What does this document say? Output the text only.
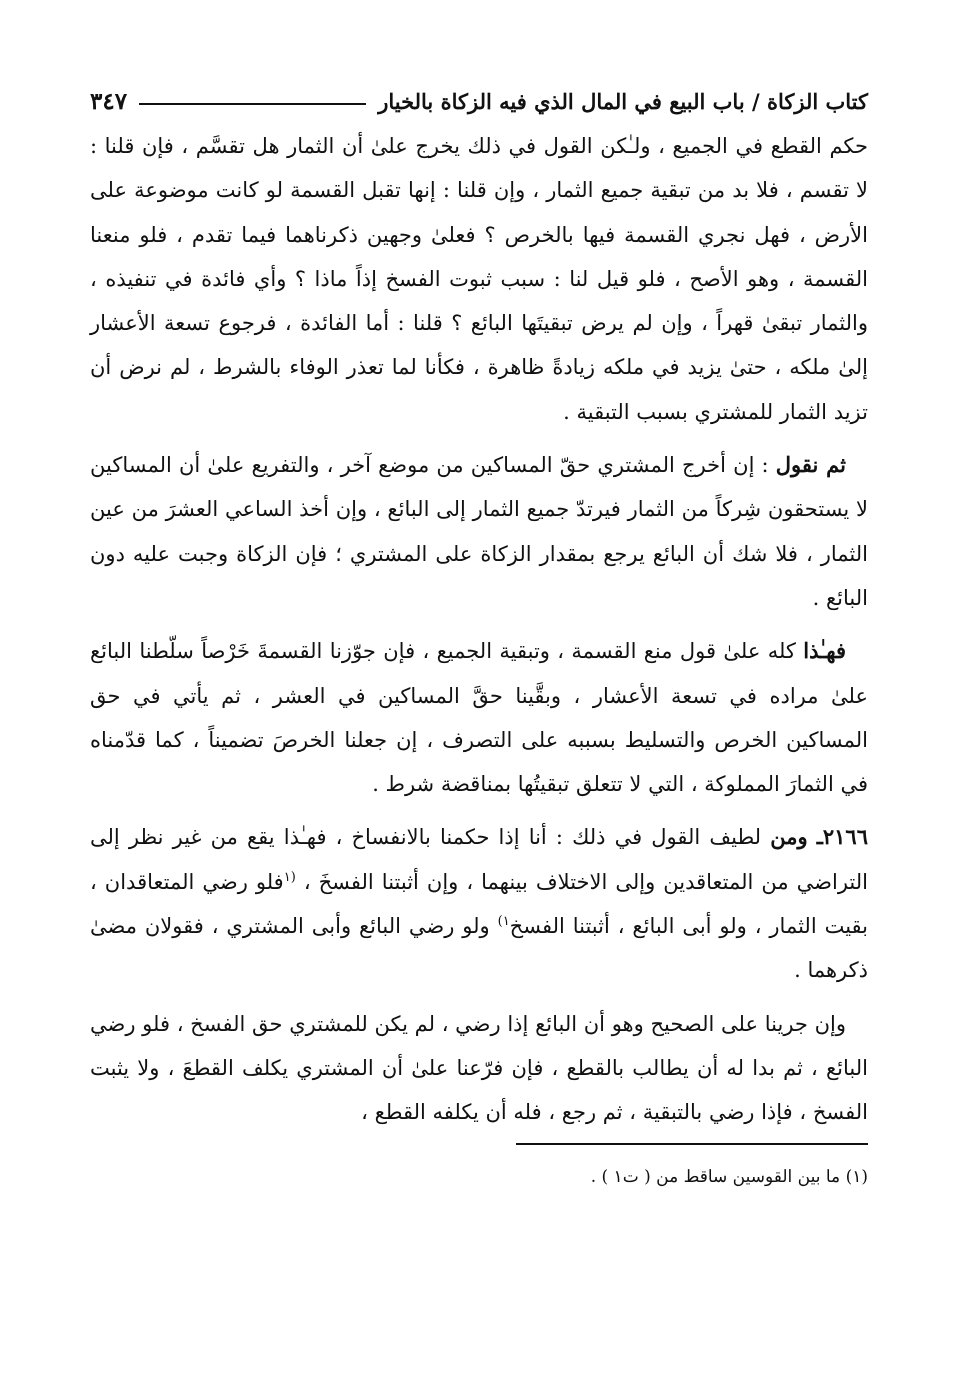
كتاب الزكاة / باب البيع في المال الذي فيه الزكاة بالخيار
٣٤٧

حكم القطع في الجميع ، ولـٰكن القول في ذلك يخرج علىٰ أن الثمار هل تقسَّم ، فإن قلنا : لا تقسم ، فلا بد من تبقية جميع الثمار ، وإن قلنا : إنها تقبل القسمة لو كانت موضوعة على الأرض ، فهل نجري القسمة فيها بالخرص ؟ فعلىٰ وجهين ذكرناهما فيما تقدم ، فلو منعنا القسمة ، وهو الأصح ، فلو قيل لنا : سبب ثبوت الفسخ إذاً ماذا ؟ وأي فائدة في تنفيذه ، والثمار تبقىٰ قهراً ، وإن لم يرض تبقيتَها البائع ؟ قلنا : أما الفائدة ، فرجوع تسعة الأعشار إلىٰ ملكه ، حتىٰ يزيد في ملكه زيادةً ظاهرة ، فكأنا لما تعذر الوفاء بالشرط ، لم نرض أن تزيد الثمار للمشتري بسبب التبقية .

ثم نقول : إن أخرج المشتري حقّ المساكين من موضع آخر ، والتفريع علىٰ أن المساكين لا يستحقون شِركاً من الثمار فيرتدّ جميع الثمار إلى البائع ، وإن أخذ الساعي العشرَ من عين الثمار ، فلا شك أن البائع يرجع بمقدار الزكاة على المشتري ؛ فإن الزكاة وجبت عليه دون البائع .

فهـٰذا كله علىٰ قول منع القسمة ، وتبقية الجميع ، فإن جوّزنا القسمةَ خَرْصاً سلّطنا البائع علىٰ مراده في تسعة الأعشار ، وبقَّينا حقَّ المساكين في العشر ، ثم يأتي في حق المساكين الخرص والتسليط بسببه على التصرف ، إن جعلنا الخرصَ تضميناً ، كما قدّمناه في الثمارَ المملوكة ، التي لا تتعلق تبقيتُها بمناقضة شرط .

٢١٦٦ـ ومن لطيف القول في ذلك : أنا إذا حكمنا بالانفساخ ، فهـٰذا يقع من غير نظر إلى التراضي من المتعاقدين وإلى الاختلاف بينهما ، وإن أثبتنا الفسخَ ، $^{(١}$فلو رضي المتعاقدان ، بقيت الثمار ، ولو أبى البائع ، أثبتنا الفسخ$^{١)}$ ولو رضي البائع وأبى المشتري ، فقولان مضىٰ ذكرهما .

وإن جرينا على الصحيح وهو أن البائع إذا رضي ، لم يكن للمشتري حق الفسخ ، فلو رضي البائع ، ثم بدا له أن يطالب بالقطع ، فإن فرّعنا علىٰ أن المشتري يكلف القطعَ ، ولا يثبت الفسخ ، فإذا رضي بالتبقية ، ثم رجع ، فله أن يكلفه القطع ،

(١) ما بين القوسين ساقط من ( ت١ ) .
